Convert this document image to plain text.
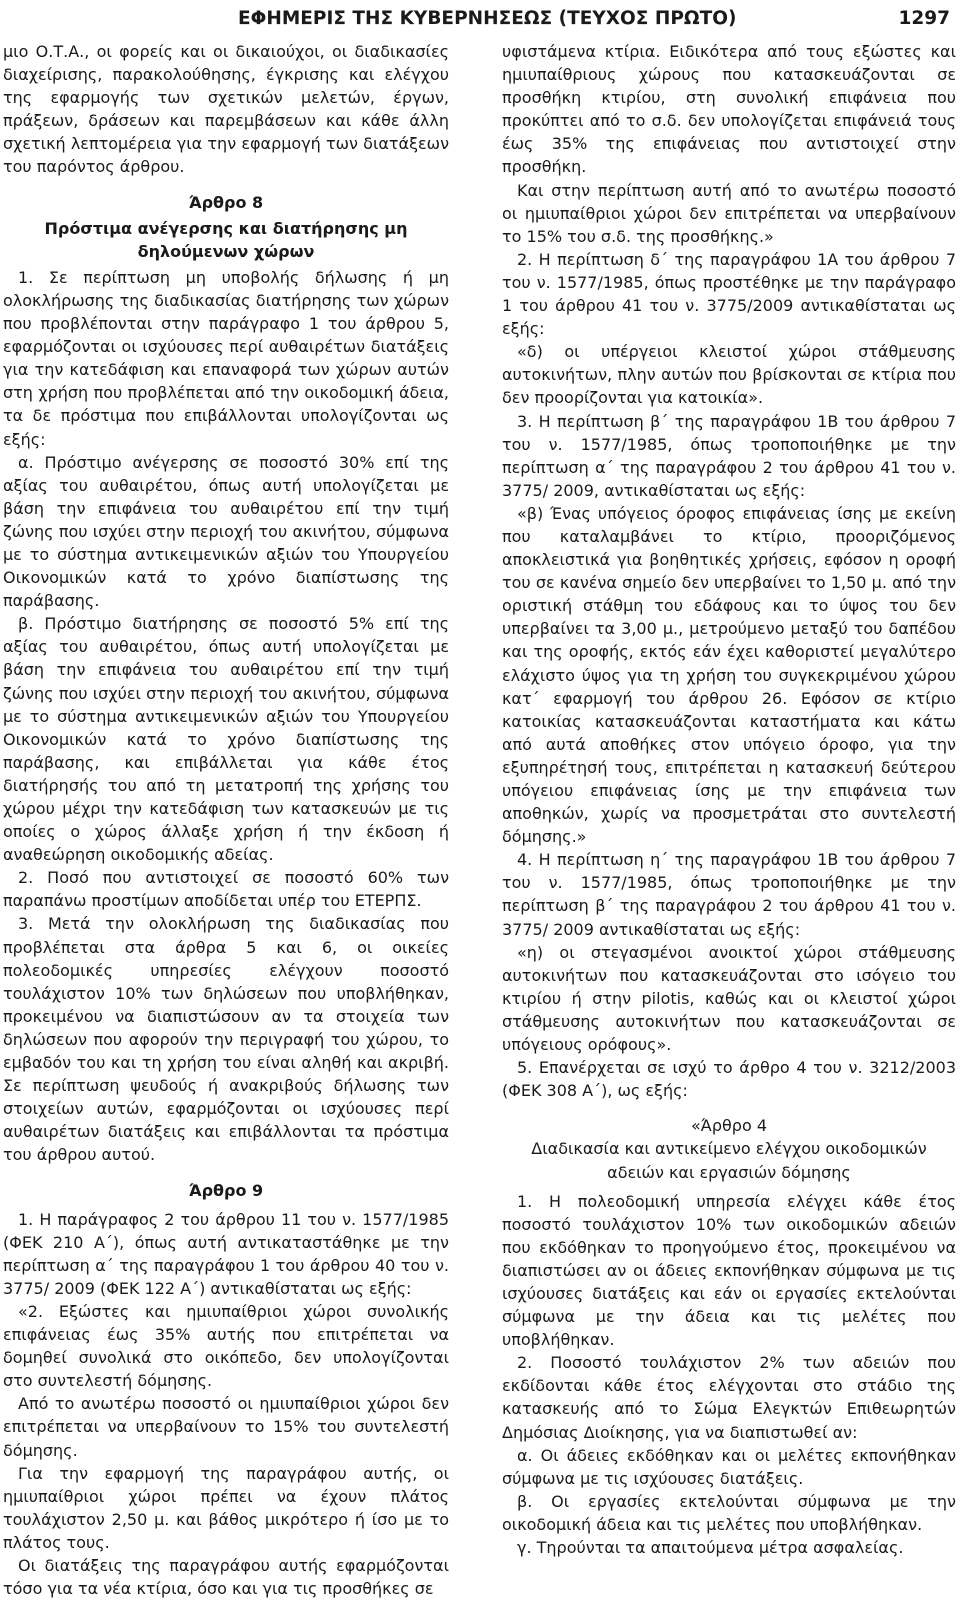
ΕΦΗΜΕΡΙΣ ΤΗΣ ΚΥΒΕΡΝΗΣΕΩΣ (ΤΕΥΧΟΣ ΠΡΩΤΟ)	1297

μιο Ο.Τ.Α., οι φορείς και οι δικαιούχοι, οι διαδικασίες διαχείρισης, παρακολούθησης, έγκρισης και ελέγχου της εφαρμογής των σχετικών μελετών, έργων, πράξεων, δράσεων και παρεμβάσεων και κάθε άλλη σχετική λεπτομέρεια για την εφαρμογή των διατάξεων του παρόντος άρθρου.

Άρθρο 8

Πρόστιμα ανέγερσης και διατήρησης μη δηλούμενων χώρων

1. Σε περίπτωση μη υποβολής δήλωσης ή μη ολοκλήρωσης της διαδικασίας διατήρησης των χώρων που προβλέπονται στην παράγραφο 1 του άρθρου 5, εφαρμόζονται οι ισχύουσες περί αυθαιρέτων διατάξεις για την κατεδάφιση και επαναφορά των χώρων αυτών στη χρήση που προβλέπεται από την οικοδομική άδεια, τα δε πρόστιμα που επιβάλλονται υπολογίζονται ως εξής:

α. Πρόστιμο ανέγερσης σε ποσοστό 30% επί της αξίας του αυθαιρέτου, όπως αυτή υπολογίζεται με βάση την επιφάνεια του αυθαιρέτου επί την τιμή ζώνης που ισχύει στην περιοχή του ακινήτου, σύμφωνα με το σύστημα αντικειμενικών αξιών του Υπουργείου Οικονομικών κατά το χρόνο διαπίστωσης της παράβασης.

β. Πρόστιμο διατήρησης σε ποσοστό 5% επί της αξίας του αυθαιρέτου, όπως αυτή υπολογίζεται με βάση την επιφάνεια του αυθαιρέτου επί την τιμή ζώνης που ισχύει στην περιοχή του ακινήτου, σύμφωνα με το σύστημα αντικειμενικών αξιών του Υπουργείου Οικονομικών κατά το χρόνο διαπίστωσης της παράβασης, και επιβάλλεται για κάθε έτος διατήρησής του από τη μετατροπή της χρήσης του χώρου μέχρι την κατεδάφιση των κατασκευών με τις οποίες ο χώρος άλλαξε χρήση ή την έκδοση ή αναθεώρηση οικοδομικής αδείας.

2. Ποσό που αντιστοιχεί σε ποσοστό 60% των παραπάνω προστίμων αποδίδεται υπέρ του ΕΤΕΡΠΣ.

3. Μετά την ολοκλήρωση της διαδικασίας που προβλέπεται στα άρθρα 5 και 6, οι οικείες πολεοδομικές υπηρεσίες ελέγχουν ποσοστό τουλάχιστον 10% των δηλώσεων που υποβλήθηκαν, προκειμένου να διαπιστώσουν αν τα στοιχεία των δηλώσεων που αφορούν την περιγραφή του χώρου, το εμβαδόν του και τη χρήση του είναι αληθή και ακριβή. Σε περίπτωση ψευδούς ή ανακριβούς δήλωσης των στοιχείων αυτών, εφαρμόζονται οι ισχύουσες περί αυθαιρέτων διατάξεις και επιβάλλονται τα πρόστιμα του άρθρου αυτού.

Άρθρο 9

1. Η παράγραφος 2 του άρθρου 11 του ν. 1577/1985 (ΦΕΚ 210 Α΄), όπως αυτή αντικαταστάθηκε με την περίπτωση α΄ της παραγράφου 1 του άρθρου 40 του ν. 3775/ 2009 (ΦΕΚ 122 Α΄) αντικαθίσταται ως εξής:

«2. Εξώστες και ημιυπαίθριοι χώροι συνολικής επιφάνειας έως 35% αυτής που επιτρέπεται να δομηθεί συνολικά στο οικόπεδο, δεν υπολογίζονται στο συντελεστή δόμησης.

Από το ανωτέρω ποσοστό οι ημιυπαίθριοι χώροι δεν επιτρέπεται να υπερβαίνουν το 15% του συντελεστή δόμησης.

Για την εφαρμογή της παραγράφου αυτής, οι ημιυπαίθριοι χώροι πρέπει να έχουν πλάτος τουλάχιστον 2,50 μ. και βάθος μικρότερο ή ίσο με το πλάτος τους.

Οι διατάξεις της παραγράφου αυτής εφαρμόζονται τόσο για τα νέα κτίρια, όσο και για τις προσθήκες σε

υφιστάμενα κτίρια. Ειδικότερα από τους εξώστες και ημιυπαίθριους χώρους που κατασκευάζονται σε προσθήκη κτιρίου, στη συνολική επιφάνεια που προκύπτει από το σ.δ. δεν υπολογίζεται επιφάνειά τους έως 35% της επιφάνειας που αντιστοιχεί στην προσθήκη.

Και στην περίπτωση αυτή από το ανωτέρω ποσοστό οι ημιυπαίθριοι χώροι δεν επιτρέπεται να υπερβαίνουν το 15% του σ.δ. της προσθήκης.»

2. Η περίπτωση δ΄ της παραγράφου 1Α του άρθρου 7 του ν. 1577/1985, όπως προστέθηκε με την παράγραφο 1 του άρθρου 41 του ν. 3775/2009 αντικαθίσταται ως εξής:

«δ) οι υπέργειοι κλειστοί χώροι στάθμευσης αυτοκινήτων, πλην αυτών που βρίσκονται σε κτίρια που δεν προορίζονται για κατοικία».

3. Η περίπτωση β΄ της παραγράφου 1Β του άρθρου 7 του ν. 1577/1985, όπως τροποποιήθηκε με την περίπτωση α΄ της παραγράφου 2 του άρθρου 41 του ν. 3775/ 2009, αντικαθίσταται ως εξής:

«β) Ένας υπόγειος όροφος επιφάνειας ίσης με εκείνη που καταλαμβάνει το κτίριο, προοριζόμενος αποκλειστικά για βοηθητικές χρήσεις, εφόσον η οροφή του σε κανένα σημείο δεν υπερβαίνει το 1,50 μ. από την οριστική στάθμη του εδάφους και το ύψος του δεν υπερβαίνει τα 3,00 μ., μετρούμενο μεταξύ του δαπέδου και της οροφής, εκτός εάν έχει καθοριστεί μεγαλύτερο ελάχιστο ύψος για τη χρήση του συγκεκριμένου χώρου κατ΄ εφαρμογή του άρθρου 26. Εφόσον σε κτίριο κατοικίας κατασκευάζονται καταστήματα και κάτω από αυτά αποθήκες στον υπόγειο όροφο, για την εξυπηρέτησή τους, επιτρέπεται η κατασκευή δεύτερου υπόγειου επιφάνειας ίσης με την επιφάνεια των αποθηκών, χωρίς να προσμετράται στο συντελεστή δόμησης.»

4. Η περίπτωση η΄ της παραγράφου 1Β του άρθρου 7 του ν. 1577/1985, όπως τροποποιήθηκε με την περίπτωση β΄ της παραγράφου 2 του άρθρου 41 του ν. 3775/ 2009 αντικαθίσταται ως εξής:

«η) οι στεγασμένοι ανοικτοί χώροι στάθμευσης αυτοκινήτων που κατασκευάζονται στο ισόγειο του κτιρίου ή στην pilotis, καθώς και οι κλειστοί χώροι στάθμευσης αυτοκινήτων που κατασκευάζονται σε υπόγειους ορόφους».

5. Επανέρχεται σε ισχύ το άρθρο 4 του ν. 3212/2003 (ΦΕΚ 308 Α΄), ως εξής:

«Άρθρο 4

Διαδικασία και αντικείμενο ελέγχου οικοδομικών αδειών και εργασιών δόμησης

1. Η πολεοδομική υπηρεσία ελέγχει κάθε έτος ποσοστό τουλάχιστον 10% των οικοδομικών αδειών που εκδόθηκαν το προηγούμενο έτος, προκειμένου να διαπιστώσει αν οι άδειες εκπονήθηκαν σύμφωνα με τις ισχύουσες διατάξεις και εάν οι εργασίες εκτελούνται σύμφωνα με την άδεια και τις μελέτες που υποβλήθηκαν.

2. Ποσοστό τουλάχιστον 2% των αδειών που εκδίδονται κάθε έτος ελέγχονται στο στάδιο της κατασκευής από το Σώμα Ελεγκτών Επιθεωρητών Δημόσιας Διοίκησης, για να διαπιστωθεί αν:

α. Οι άδειες εκδόθηκαν και οι μελέτες εκπονήθηκαν σύμφωνα με τις ισχύουσες διατάξεις.

β. Οι εργασίες εκτελούνται σύμφωνα με την οικοδομική άδεια και τις μελέτες που υποβλήθηκαν.

γ. Τηρούνται τα απαιτούμενα μέτρα ασφαλείας.
